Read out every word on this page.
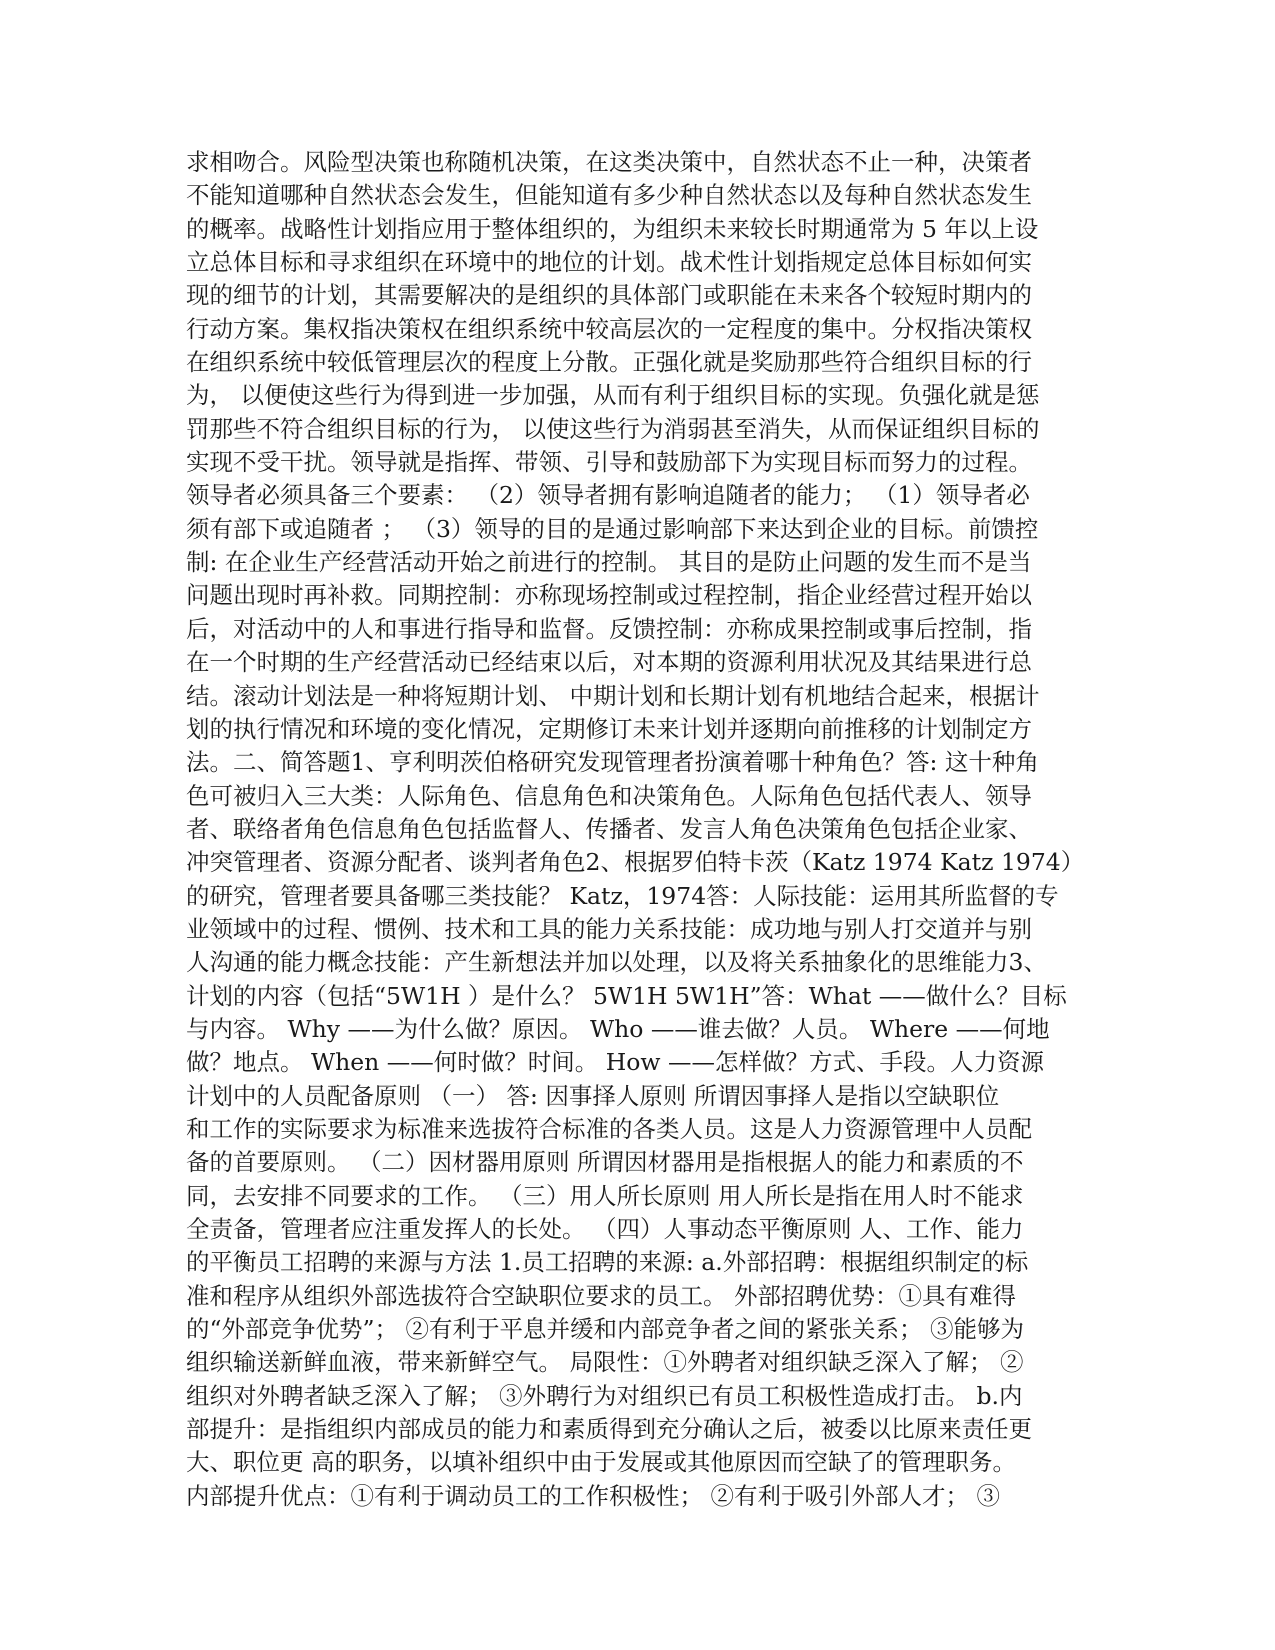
求相吻合。风险型决策也称随机决策，在这类决策中，自然状态不止一种，决策者
不能知道哪种自然状态会发生，但能知道有多少种自然状态以及每种自然状态发生
的概率。战略性计划指应用于整体组织的，为组织未来较长时期通常为 5 年以上设
立总体目标和寻求组织在环境中的地位的计划。战术性计划指规定总体目标如何实
现的细节的计划，其需要解决的是组织的具体部门或职能在未来各个较短时期内的
行动方案。集权指决策权在组织系统中较高层次的一定程度的集中。分权指决策权
在组织系统中较低管理层次的程度上分散。正强化就是奖励那些符合组织目标的行
为， 以便使这些行为得到进一步加强，从而有利于组织目标的实现。负强化就是惩
罚那些不符合组织目标的行为， 以使这些行为消弱甚至消失，从而保证组织目标的
实现不受干扰。领导就是指挥、带领、引导和鼓励部下为实现目标而努力的过程。
领导者必须具备三个要素： （2）领导者拥有影响追随者的能力； （1）领导者必
须有部下或追随者 ； （3）领导的目的是通过影响部下来达到企业的目标。前馈控
制: 在企业生产经营活动开始之前进行的控制。 其目的是防止问题的发生而不是当
问题出现时再补救。同期控制：亦称现场控制或过程控制，指企业经营过程开始以
后，对活动中的人和事进行指导和监督。反馈控制：亦称成果控制或事后控制，指
在一个时期的生产经营活动已经结束以后，对本期的资源利用状况及其结果进行总
结。滚动计划法是一种将短期计划、 中期计划和长期计划有机地结合起来，根据计
划的执行情况和环境的变化情况，定期修订未来计划并逐期向前推移的计划制定方
法。二、简答题1、亨利明茨伯格研究发现管理者扮演着哪十种角色？答: 这十种角
色可被归入三大类：人际角色、信息角色和决策角色。人际角色包括代表人、领导
者、联络者角色信息角色包括监督人、传播者、发言人角色决策角色包括企业家、
冲突管理者、资源分配者、谈判者角色2、根据罗伯特卡茨（Katz 1974 Katz 1974）
的研究，管理者要具备哪三类技能？ Katz，1974答：人际技能：运用其所监督的专
业领域中的过程、惯例、技术和工具的能力关系技能：成功地与别人打交道并与别
人沟通的能力概念技能：产生新想法并加以处理，以及将关系抽象化的思维能力3、
计划的内容（包括“5W1H ）是什么？ 5W1H 5W1H”答：What ——做什么？目标
与内容。 Why ——为什么做？原因。 Who ——谁去做？人员。 Where ——何地
做？地点。 When ——何时做？时间。 How ——怎样做？方式、手段。人力资源
计划中的人员配备原则 （一） 答: 因事择人原则 所谓因事择人是指以空缺职位
和工作的实际要求为标准来选拔符合标准的各类人员。这是人力资源管理中人员配
备的首要原则。 （二）因材器用原则 所谓因材器用是指根据人的能力和素质的不
同，去安排不同要求的工作。 （三）用人所长原则 用人所长是指在用人时不能求
全责备，管理者应注重发挥人的长处。 （四）人事动态平衡原则 人、工作、能力
的平衡员工招聘的来源与方法 1.员工招聘的来源: a.外部招聘：根据组织制定的标
准和程序从组织外部选拔符合空缺职位要求的员工。 外部招聘优势：①具有难得
的“外部竞争优势”； ②有利于平息并缓和内部竞争者之间的紧张关系； ③能够为
组织输送新鲜血液，带来新鲜空气。 局限性：①外聘者对组织缺乏深入了解； ②
组织对外聘者缺乏深入了解； ③外聘行为对组织已有员工积极性造成打击。 b.内
部提升：是指组织内部成员的能力和素质得到充分确认之后，被委以比原来责任更
大、职位更 高的职务，以填补组织中由于发展或其他原因而空缺了的管理职务。
内部提升优点：①有利于调动员工的工作积极性； ②有利于吸引外部人才； ③
